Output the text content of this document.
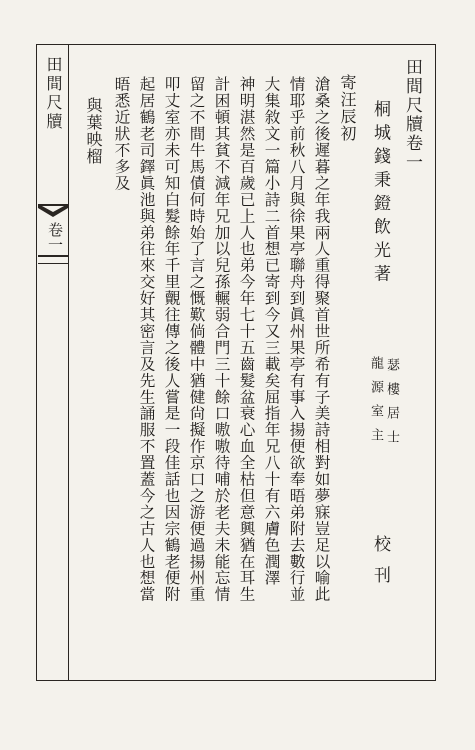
田間尺牘
卷一
田間尺牘卷一
桐城錢秉鐙飲光著
寄汪辰初
龍源室主 瑟樓居士
校刊
滄桑之後遲暮之年我兩人重得聚首世所希有子美詩相對如夢寐豈足以喻此
情耶乎前秋八月與徐果亭聯舟到眞州果亭有事入揚便欲奉晤弟附去數行並
大集敘文一篇小詩二首想已寄到今又三載矣屈指年兄八十有六膚色潤澤
神明湛然是百歲已上人也弟今年七十五齒髮盆衰心血全枯但意興猶在耳生
計困頓其貧不減年兄加以兒孫輾弱合門三十餘口嗷嗷待哺於老夫未能忘情
留之不間牛馬債何時始了言之慨歎倘體中猶健尙擬作京口之游便過揚州重
叩丈室亦未可知白髮餘年千里覿往傳之後人嘗是一段佳話也因宗鶴老便附
起居鶴老司鐸眞池與弟往來交好其密言及先生誦服不置蓋今之古人也想當
晤悉近狀不多及
與葉映榴
